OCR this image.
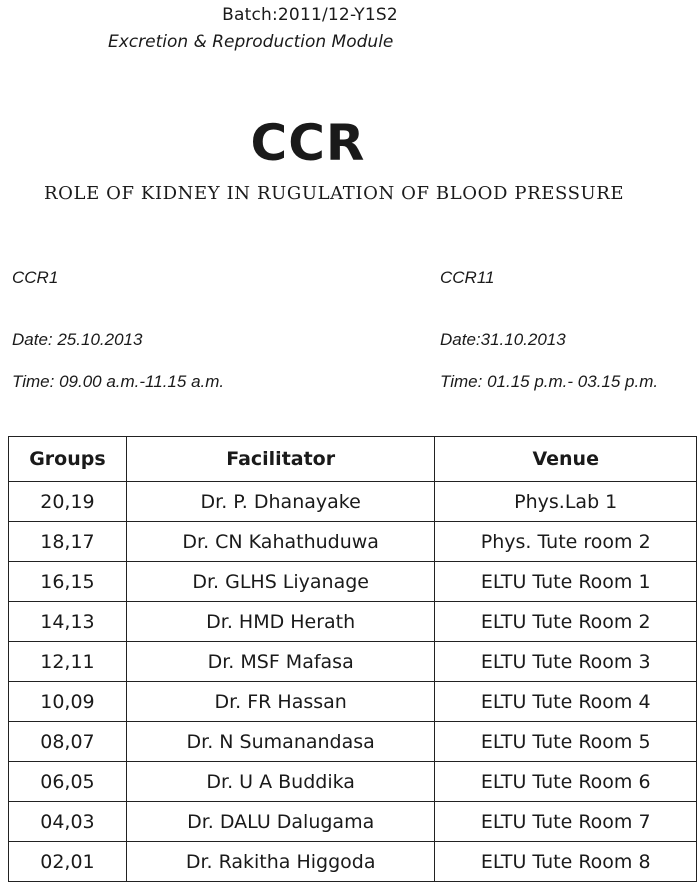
Batch:2011/12-Y1S2
Excretion & Reproduction Module
CCR
ROLE OF KIDNEY IN RUGULATION OF BLOOD PRESSURE
CCR1	CCR11
Date: 25.10.2013	Date:31.10.2013
Time: 09.00 a.m.-11.15 a.m.	Time: 01.15 p.m.- 03.15 p.m.
Groups	Facilitator	Venue
20,19	Dr. P. Dhanayake	Phys.Lab 1
18,17	Dr. CN Kahathuduwa	Phys. Tute room 2
16,15	Dr. GLHS Liyanage	ELTU Tute Room 1
14,13	Dr. HMD Herath	ELTU Tute Room 2
12,11	Dr. MSF Mafasa	ELTU Tute Room 3
10,09	Dr. FR Hassan	ELTU Tute Room 4
08,07	Dr. N Sumanandasa	ELTU Tute Room 5
06,05	Dr. U A Buddika	ELTU Tute Room 6
04,03	Dr. DALU Dalugama	ELTU Tute Room 7
02,01	Dr. Rakitha Higgoda	ELTU Tute Room 8
